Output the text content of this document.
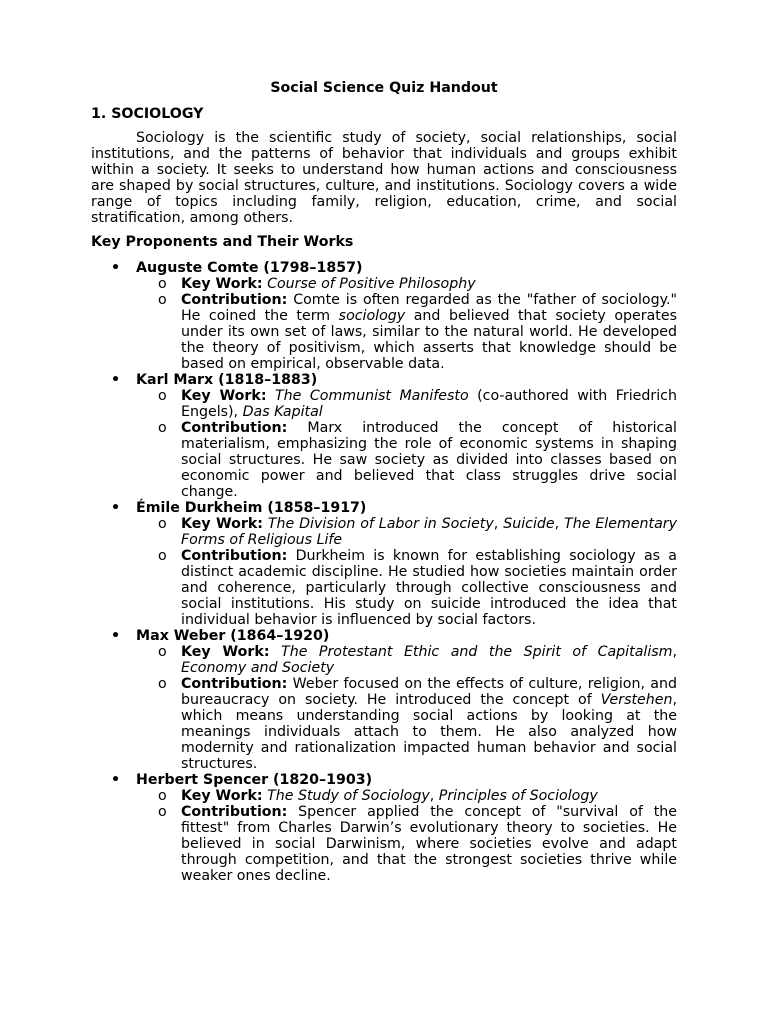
Social Science Quiz Handout

1. SOCIOLOGY

Sociology is the scientific study of society, social relationships, social institutions, and the patterns of behavior that individuals and groups exhibit within a society. It seeks to understand how human actions and consciousness are shaped by social structures, culture, and institutions. Sociology covers a wide range of topics including family, religion, education, crime, and social stratification, among others.

Key Proponents and Their Works

• Auguste Comte (1798–1857)
o Key Work: Course of Positive Philosophy
o Contribution: Comte is often regarded as the "father of sociology." He coined the term sociology and believed that society operates under its own set of laws, similar to the natural world. He developed the theory of positivism, which asserts that knowledge should be based on empirical, observable data.
• Karl Marx (1818–1883)
o Key Work: The Communist Manifesto (co-authored with Friedrich Engels), Das Kapital
o Contribution: Marx introduced the concept of historical materialism, emphasizing the role of economic systems in shaping social structures. He saw society as divided into classes based on economic power and believed that class struggles drive social change.
• Émile Durkheim (1858–1917)
o Key Work: The Division of Labor in Society, Suicide, The Elementary Forms of Religious Life
o Contribution: Durkheim is known for establishing sociology as a distinct academic discipline. He studied how societies maintain order and coherence, particularly through collective consciousness and social institutions. His study on suicide introduced the idea that individual behavior is influenced by social factors.
• Max Weber (1864–1920)
o Key Work: The Protestant Ethic and the Spirit of Capitalism, Economy and Society
o Contribution: Weber focused on the effects of culture, religion, and bureaucracy on society. He introduced the concept of Verstehen, which means understanding social actions by looking at the meanings individuals attach to them. He also analyzed how modernity and rationalization impacted human behavior and social structures.
• Herbert Spencer (1820–1903)
o Key Work: The Study of Sociology, Principles of Sociology
o Contribution: Spencer applied the concept of "survival of the fittest" from Charles Darwin’s evolutionary theory to societies. He believed in social Darwinism, where societies evolve and adapt through competition, and that the strongest societies thrive while weaker ones decline.
